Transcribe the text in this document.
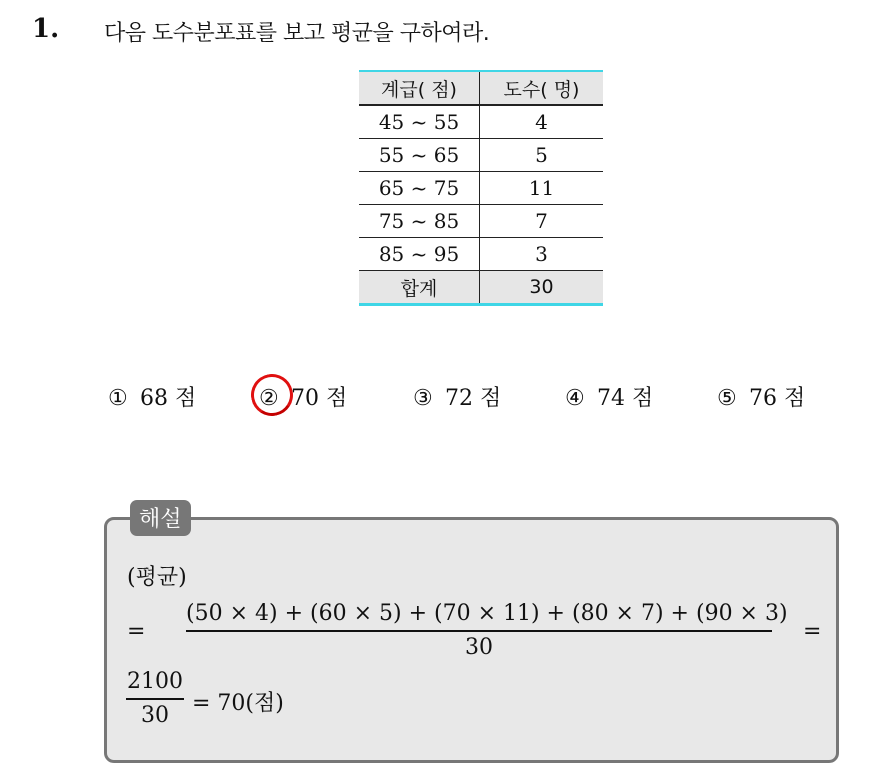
1. 다음 도수분포표를 보고 평균을 구하여라.
계급( 점)	도수( 명)
45 ~ 55	4
55 ~ 65	5
65 ~ 75	11
75 ~ 85	7
85 ~ 95	3
합계	30
① 68 점	② 70 점	③ 72 점	④ 74 점	⑤ 76 점
해설
(평균)
=
(50 × 4) + (60 × 5) + (70 × 11) + (80 × 7) + (90 × 3)
30
=
2100
30	= 70(점)
